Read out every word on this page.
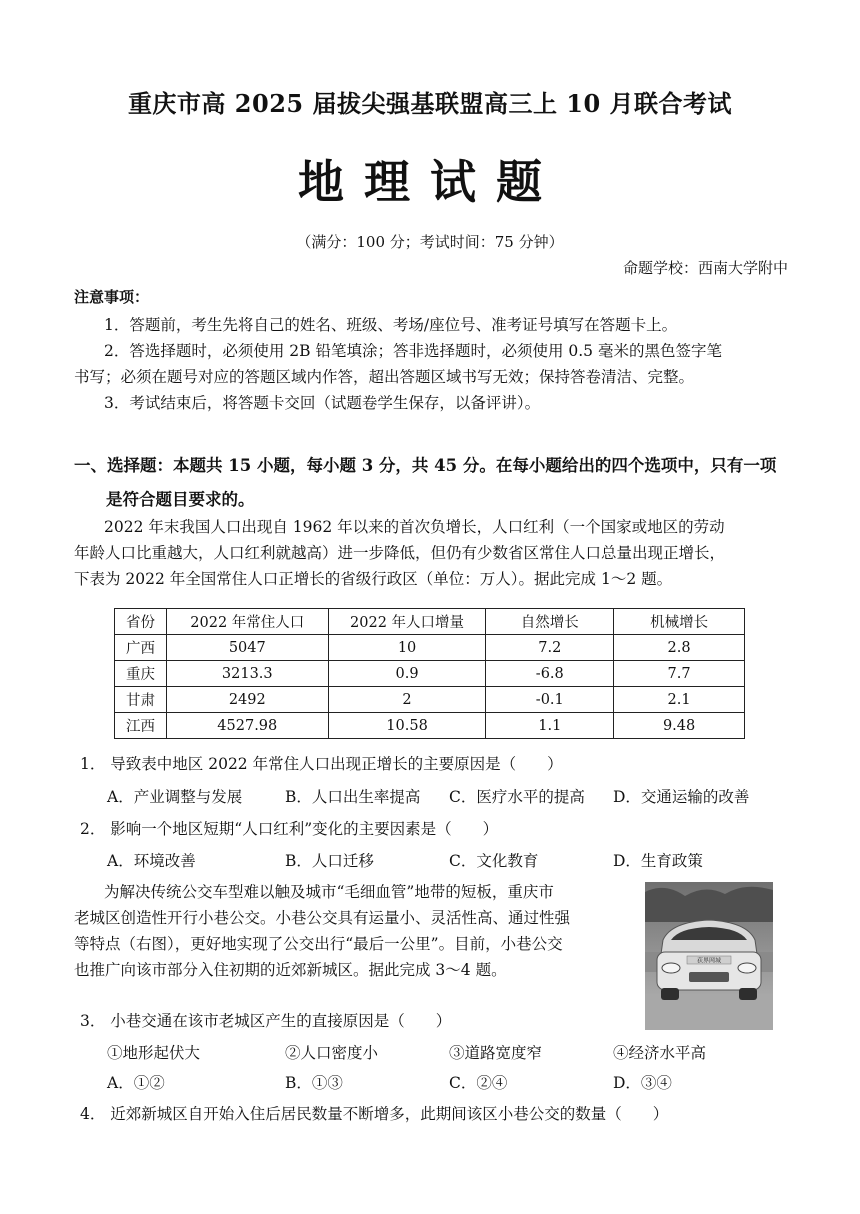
重庆市高 2025 届拔尖强基联盟高三上 10 月联合考试
地理试题
（满分：100 分；考试时间：75 分钟）
命题学校：西南大学附中
注意事项：
1．答题前，考生先将自己的姓名、班级、考场/座位号、准考证号填写在答题卡上。
2．答选择题时，必须使用 2B 铅笔填涂；答非选择题时，必须使用 0.5 毫米的黑色签字笔
书写；必须在题号对应的答题区域内作答，超出答题区域书写无效；保持答卷清洁、完整。
3．考试结束后，将答题卡交回（试题卷学生保存，以备评讲）。
一、选择题：本题共 15 小题，每小题 3 分，共 45 分。在每小题给出的四个选项中，只有一项
是符合题目要求的。
2022 年末我国人口出现自 1962 年以来的首次负增长，人口红利（一个国家或地区的劳动
年龄人口比重越大，人口红利就越高）进一步降低，但仍有少数省区常住人口总量出现正增长，
下表为 2022 年全国常住人口正增长的省级行政区（单位：万人）。据此完成 1～2 题。
省份	2022 年常住人口	2022 年人口增量	自然增长	机械增长
广西	5047	10	7.2	2.8
重庆	3213.3	0.9	-6.8	7.7
甘肃	2492	2	-0.1	2.1
江西	4527.98	10.58	1.1	9.48
1． 导致表中地区 2022 年常住人口出现正增长的主要原因是（　　）
A．产业调整与发展	B．人口出生率提高 C．医疗水平的提高 D．交通运输的改善
2． 影响一个地区短期“人口红利”变化的主要因素是（　　）
A．环境改善	B．人口迁移	C．文化教育	D．生育政策
为解决传统公交车型难以触及城市“毛细血管”地带的短板，重庆市
老城区创造性开行小巷公交。小巷公交具有运量小、灵活性高、通过性强
等特点（右图），更好地实现了公交出行“最后一公里”。目前，小巷公交
也推广向该市部分入住初期的近郊新城区。据此完成 3～4 题。	获界网城
3． 小巷交通在该市老城区产生的直接原因是（　　）
①地形起伏大	②人口密度小	③道路宽度窄	④经济水平高
A．①②	B．①③	C．②④	D．③④
4． 近郊新城区自开始入住后居民数量不断增多，此期间该区小巷公交的数量（　　）
